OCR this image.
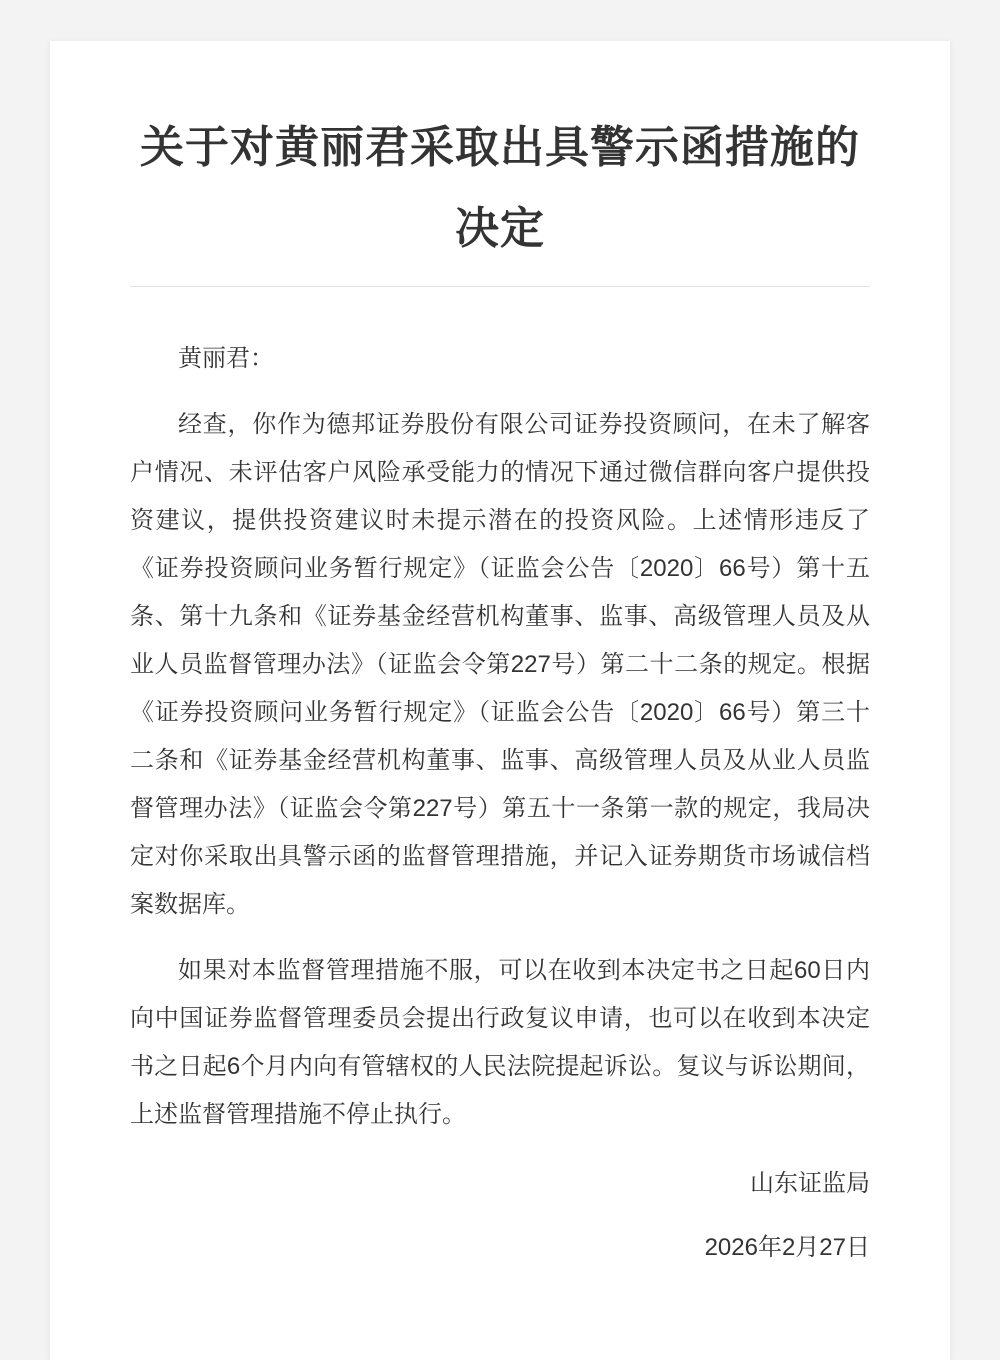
关于对黄丽君采取出具警示函措施的决定

黄丽君：

经查，你作为德邦证券股份有限公司证券投资顾问，在未了解客户情况、未评估客户风险承受能力的情况下通过微信群向客户提供投资建议，提供投资建议时未提示潜在的投资风险。上述情形违反了《证券投资顾问业务暂行规定》（证监会公告〔2020〕66号）第十五条、第十九条和《证券基金经营机构董事、监事、高级管理人员及从业人员监督管理办法》（证监会令第227号）第二十二条的规定。根据《证券投资顾问业务暂行规定》（证监会公告〔2020〕66号）第三十二条和《证券基金经营机构董事、监事、高级管理人员及从业人员监督管理办法》（证监会令第227号）第五十一条第一款的规定，我局决定对你采取出具警示函的监督管理措施，并记入证券期货市场诚信档案数据库。

如果对本监督管理措施不服，可以在收到本决定书之日起60日内向中国证券监督管理委员会提出行政复议申请，也可以在收到本决定书之日起6个月内向有管辖权的人民法院提起诉讼。复议与诉讼期间，上述监督管理措施不停止执行。

山东证监局

2026年2月27日
